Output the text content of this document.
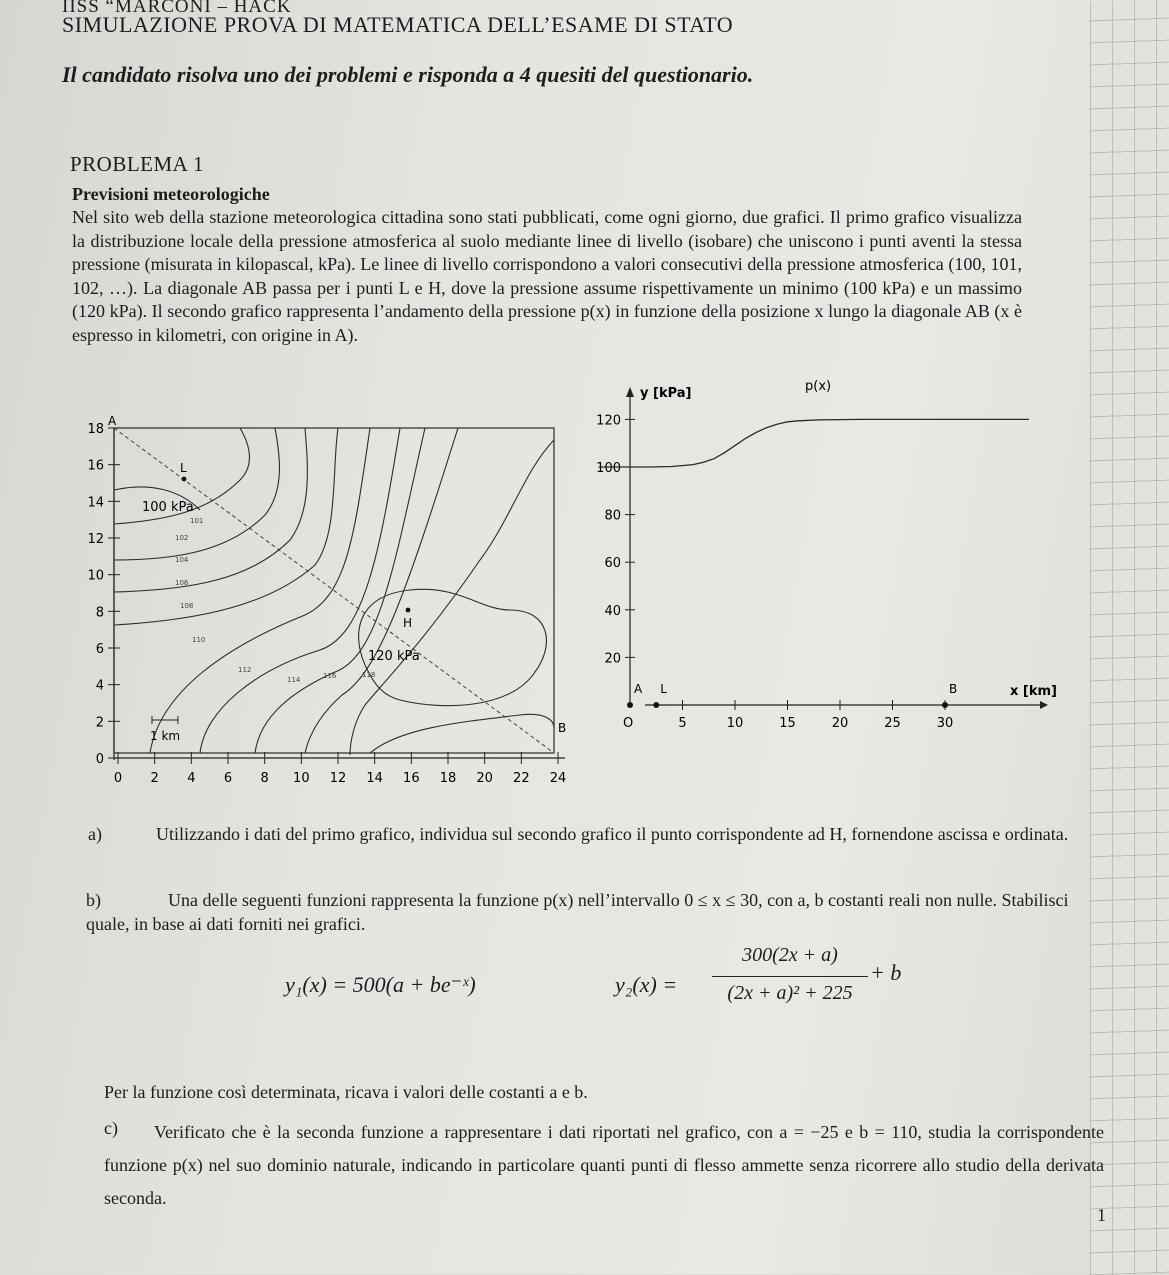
IISS “MARCONI – HACK
SIMULAZIONE PROVA DI MATEMATICA DELL’ESAME DI STATO
Il candidato risolva uno dei problemi e risponda a 4 quesiti del questionario.
PROBLEMA 1
Previsioni meteorologiche
Nel sito web della stazione meteorologica cittadina sono stati pubblicati, come ogni giorno, due grafici. Il primo grafico visualizza la distribuzione locale della pressione atmosferica al suolo mediante linee di livello (isobare) che uniscono i punti aventi la stessa pressione (misurata in kilopascal, kPa). Le linee di livello corrispondono a valori consecutivi della pressione atmosferica (100, 101, 102, …). La diagonale AB passa per i punti L e H, dove la pressione assume rispettivamente un minimo (100 kPa) e un massimo (120 kPa). Il secondo grafico rappresenta l’andamento della pressione p(x) in funzione della posizione x lungo la diagonale AB (x è espresso in kilometri, con origine in A).
0
2
4
6
8
10
12
14
16
18
0 2 4 6 8 10 12 14 16 18 20 22 24
101
102
104
106
108
110
112
114	116	118
A
B
L
H
100 kPa
120 kPa
1 km
y [kPa]
x [km]
p(x)
O
20
40
60
80
100
120
5	10	15	20	25	30
A L	B
a)	Utilizzando i dati del primo grafico, individua sul secondo grafico il punto corrispondente ad H, fornendone ascissa e ordinata.
b)	Una delle seguenti funzioni rappresenta la funzione p(x) nell’intervallo 0 ≤ x ≤ 30, con a, b costanti reali non nulle. Stabilisci quale, in base ai dati forniti nei grafici.
y₁(x) = 500(a + be⁻ˣ)	y₂(x) =
300(2x + a)
(2x + a)² + 225
+ b
Per la funzione così determinata, ricava i valori delle costanti a e b.
c)	Verificato che è la seconda funzione a rappresentare i dati riportati nel grafico, con a = −25 e b = 110, studia la corrispondente funzione p(x) nel suo dominio naturale, indicando in particolare quanti punti di flesso ammette senza ricorrere allo studio della derivata seconda.
1
